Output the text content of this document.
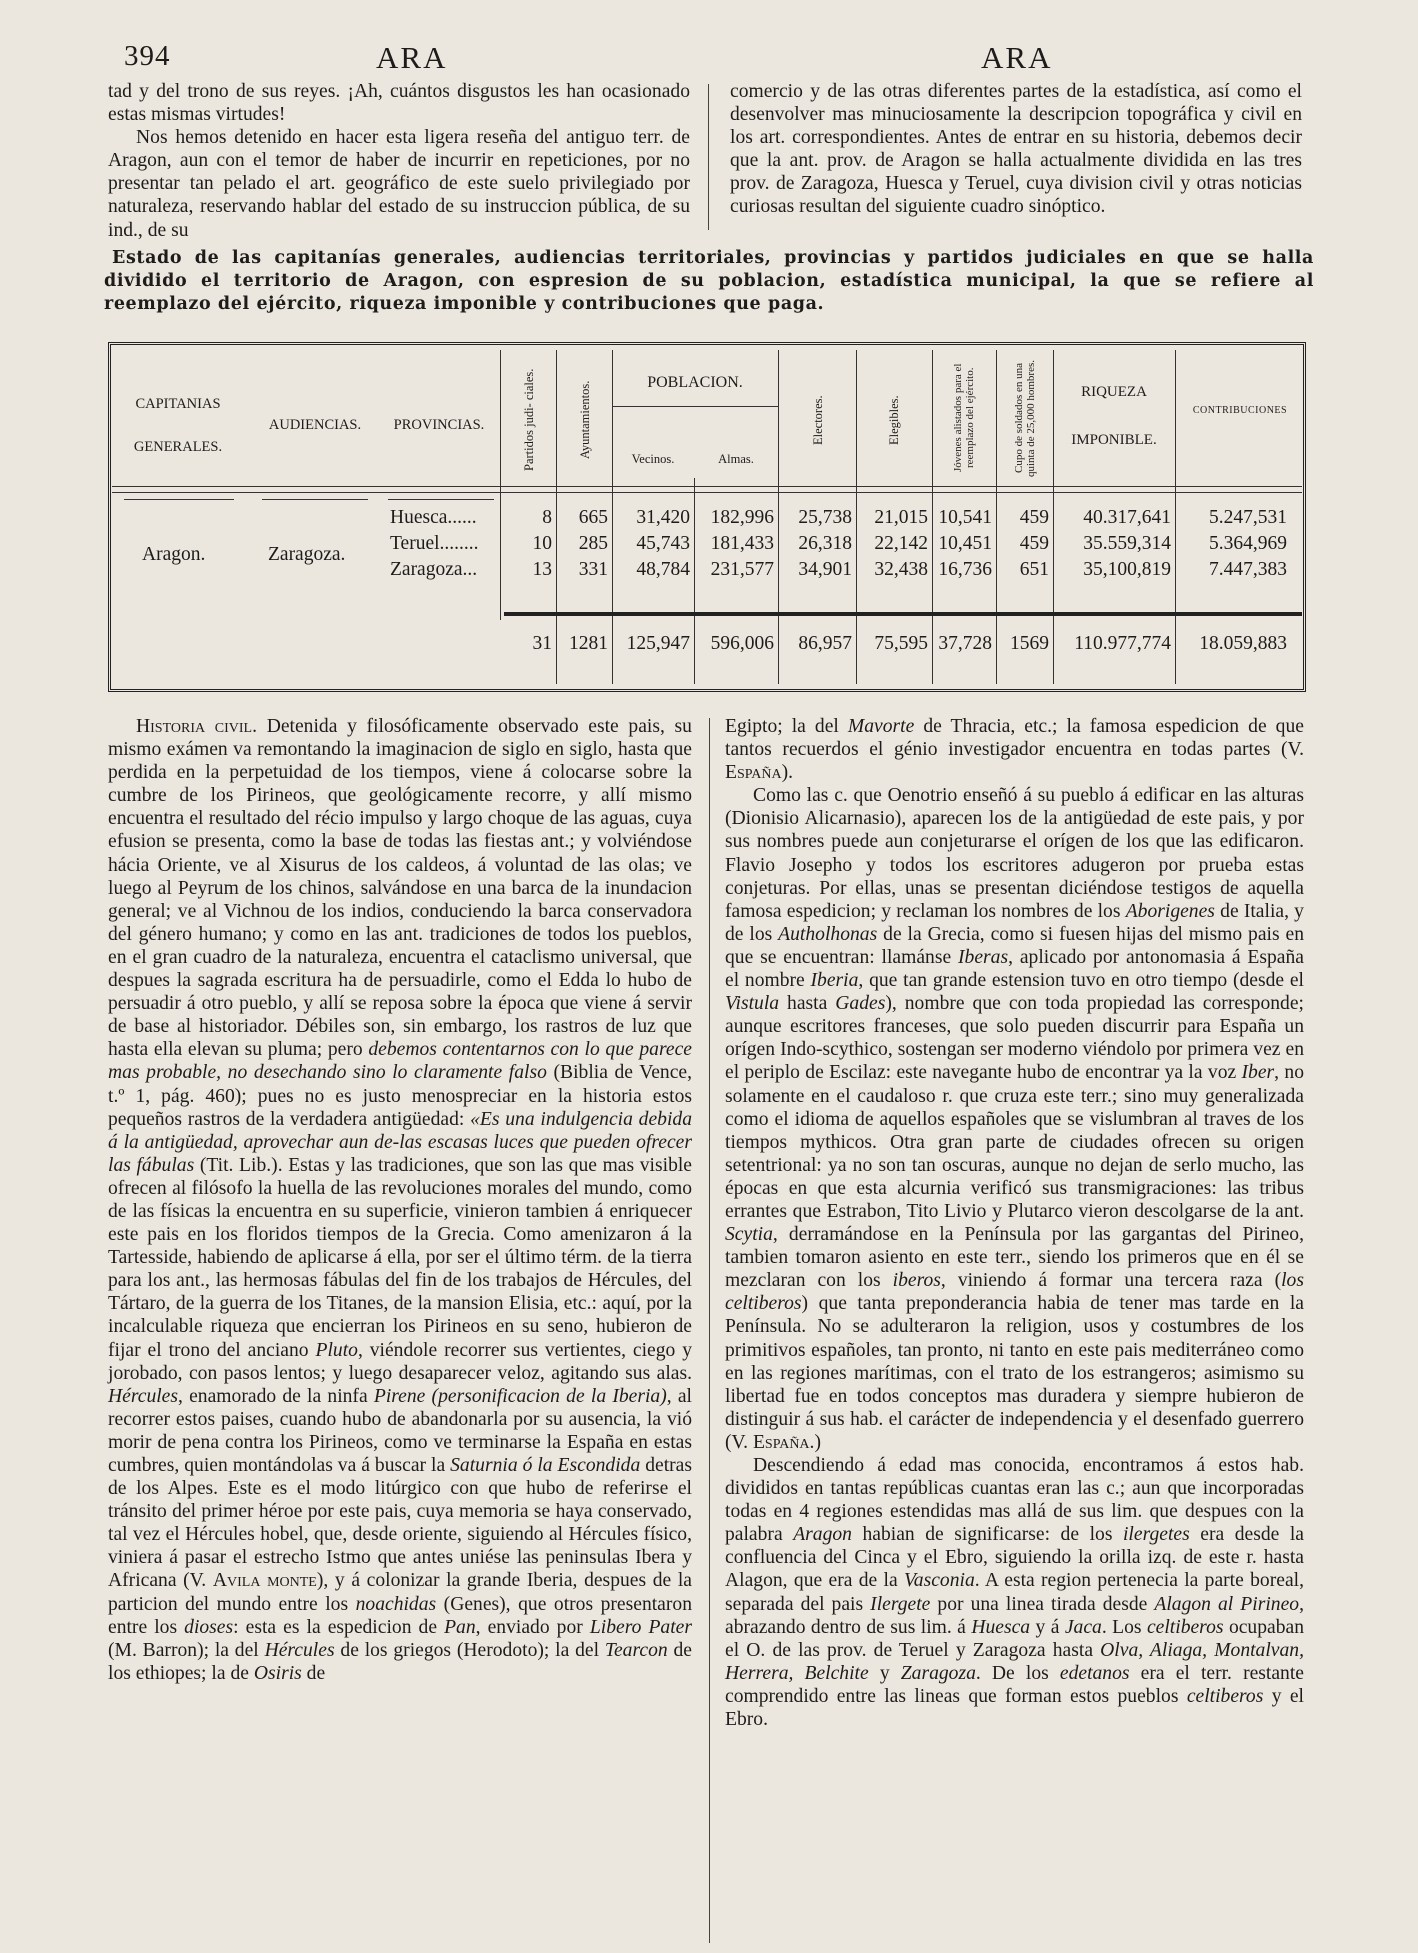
394	ARA	ARA

tad y del trono de sus reyes. ¡Ah, cuántos disgustos les han ocasionado estas mismas virtudes!

Nos hemos detenido en hacer esta ligera reseña del antiguo terr. de Aragon, aun con el temor de haber de incurrir en repeticiones, por no presentar tan pelado el art. geográfico de este suelo privilegiado por naturaleza, reservando hablar del estado de su instruccion pública, de su ind., de su

comercio y de las otras diferentes partes de la estadística, así como el desenvolver mas minuciosamente la descripcion topográfica y civil en los art. correspondientes. Antes de entrar en su historia, debemos decir que la ant. prov. de Aragon se halla actualmente dividida en las tres prov. de Zaragoza, Huesca y Teruel, cuya division civil y otras noticias curiosas resultan del siguiente cuadro sinóptico.

Estado de las capitanías generales, audiencias territoriales, provincias y partidos judiciales en que se halla dividido el territorio de Aragon, con espresion de su poblacion, estadística municipal, la que se refiere al reemplazo del ejército, riqueza imponible y contribuciones que paga.
CAPITANIAS
GENERALES.
AUDIENCIAS.	PROVINCIAS.	Partidos judi- ciales.	Ayuntamientos.	POBLACION.
Vecinos.	Almas.
Electores.	Elegibles.	Jóvenes alistados para el reemplazo del ejército.	Cupo de soldados en una quinta de 25,000 hombres.	RIQUEZA
IMPONIBLE.
CONTRIBUCIONES
Aragon.	Zaragoza.
Huesca......	8 665 31,420 182,996 25,738 21,015 10,541 459 40.317,641 5.247,531
Teruel........	10 285 45,743 181,433 26,318 22,142 10,451 459 35.559,314 5.364,969
Zaragoza...	13 331 48,784 231,577 34,901 32,438 16,736 651 35,100,819 7.447,383
31 1281 125,947 596,006 86,957 75,595 37,728 1569 110.977,774 18.059,883

Historia civil. Detenida y filosóficamente observado este pais, su mismo exámen va remontando la imaginacion de siglo en siglo, hasta que perdida en la perpetuidad de los tiempos, viene á colocarse sobre la cumbre de los Pirineos, que geológicamente recorre, y allí mismo encuentra el resultado del récio impulso y largo choque de las aguas, cuya efusion se presenta, como la base de todas las fiestas ant.; y volviéndose hácia Oriente, ve al Xisurus de los caldeos, á voluntad de las olas; ve luego al Peyrum de los chinos, salvándose en una barca de la inundacion general; ve al Vichnou de los indios, conduciendo la barca conservadora del género humano; y como en las ant. tradiciones de todos los pueblos, en el gran cuadro de la naturaleza, encuentra el cataclismo universal, que despues la sagrada escritura ha de persuadirle, como el Edda lo hubo de persuadir á otro pueblo, y allí se reposa sobre la época que viene á servir de base al historiador. Débiles son, sin embargo, los rastros de luz que hasta ella elevan su pluma; pero debemos contentarnos con lo que parece mas probable, no desechando sino lo claramente falso (Biblia de Vence, t.º 1, pág. 460); pues no es justo menospreciar en la historia estos pequeños rastros de la verdadera antigüedad: «Es una indulgencia debida á la antigüedad, aprovechar aun de-las escasas luces que pueden ofrecer las fábulas (Tit. Lib.). Estas y las tradiciones, que son las que mas visible ofrecen al filósofo la huella de las revoluciones morales del mundo, como de las físicas la encuentra en su superficie, vinieron tambien á enriquecer este pais en los floridos tiempos de la Grecia. Como amenizaron á la Tartesside, habiendo de aplicarse á ella, por ser el último térm. de la tierra para los ant., las hermosas fábulas del fin de los trabajos de Hércules, del Tártaro, de la guerra de los Titanes, de la mansion Elisia, etc.: aquí, por la incalculable riqueza que encierran los Pirineos en su seno, hubieron de fijar el trono del anciano Pluto, viéndole recorrer sus vertientes, ciego y jorobado, con pasos lentos; y luego desaparecer veloz, agitando sus alas. Hércules, enamorado de la ninfa Pirene (personificacion de la Iberia), al recorrer estos paises, cuando hubo de abandonarla por su ausencia, la vió morir de pena contra los Pirineos, como ve terminarse la España en estas cumbres, quien montándolas va á buscar la Saturnia ó la Escondida detras de los Alpes. Este es el modo litúrgico con que hubo de referirse el tránsito del primer héroe por este pais, cuya memoria se haya conservado, tal vez el Hércules hobel, que, desde oriente, siguiendo al Hércules físico, viniera á pasar el estrecho Istmo que antes uniése las peninsulas Ibera y Africana (V. Avila monte), y á colonizar la grande Iberia, despues de la particion del mundo entre los noachidas (Genes), que otros presentaron entre los dioses: esta es la espedicion de Pan, enviado por Libero Pater (M. Barron); la del Hércules de los griegos (Herodoto); la del Tearcon de los ethiopes; la de Osiris de

Egipto; la del Mavorte de Thracia, etc.; la famosa espedicion de que tantos recuerdos el génio investigador encuentra en todas partes (V. España).

Como las c. que Oenotrio enseñó á su pueblo á edificar en las alturas (Dionisio Alicarnasio), aparecen los de la antigüedad de este pais, y por sus nombres puede aun conjeturarse el orígen de los que las edificaron. Flavio Josepho y todos los escritores adugeron por prueba estas conjeturas. Por ellas, unas se presentan diciéndose testigos de aquella famosa espedicion; y reclaman los nombres de los Aborigenes de Italia, y de los Autholhonas de la Grecia, como si fuesen hijas del mismo pais en que se encuentran: llamánse Iberas, aplicado por antonomasia á España el nombre Iberia, que tan grande estension tuvo en otro tiempo (desde el Vistula hasta Gades), nombre que con toda propiedad las corresponde; aunque escritores franceses, que solo pueden discurrir para España un orígen Indo-scythico, sostengan ser moderno viéndolo por primera vez en el periplo de Escilaz: este navegante hubo de encontrar ya la voz Iber, no solamente en el caudaloso r. que cruza este terr.; sino muy generalizada como el idioma de aquellos españoles que se vislumbran al traves de los tiempos mythicos. Otra gran parte de ciudades ofrecen su origen setentrional: ya no son tan oscuras, aunque no dejan de serlo mucho, las épocas en que esta alcurnia verificó sus transmigraciones: las tribus errantes que Estrabon, Tito Livio y Plutarco vieron descolgarse de la ant. Scytia, derramándose en la Península por las gargantas del Pirineo, tambien tomaron asiento en este terr., siendo los primeros que en él se mezclaran con los iberos, viniendo á formar una tercera raza (los celtiberos) que tanta preponderancia habia de tener mas tarde en la Península. No se adulteraron la religion, usos y costumbres de los primitivos españoles, tan pronto, ni tanto en este pais mediterráneo como en las regiones marítimas, con el trato de los estrangeros; asimismo su libertad fue en todos conceptos mas duradera y siempre hubieron de distinguir á sus hab. el carácter de independencia y el desenfado guerrero (V. España.)

Descendiendo á edad mas conocida, encontramos á estos hab. divididos en tantas repúblicas cuantas eran las c.; aun que incorporadas todas en 4 regiones estendidas mas allá de sus lim. que despues con la palabra Aragon habian de significarse: de los ilergetes era desde la confluencia del Cinca y el Ebro, siguiendo la orilla izq. de este r. hasta Alagon, que era de la Vasconia. A esta region pertenecia la parte boreal, separada del pais Ilergete por una linea tirada desde Alagon al Pirineo, abrazando dentro de sus lim. á Huesca y á Jaca. Los celtiberos ocupaban el O. de las prov. de Teruel y Zaragoza hasta Olva, Aliaga, Montalvan, Herrera, Belchite y Zaragoza. De los edetanos era el terr. restante comprendido entre las lineas que forman estos pueblos celtiberos y el Ebro.
